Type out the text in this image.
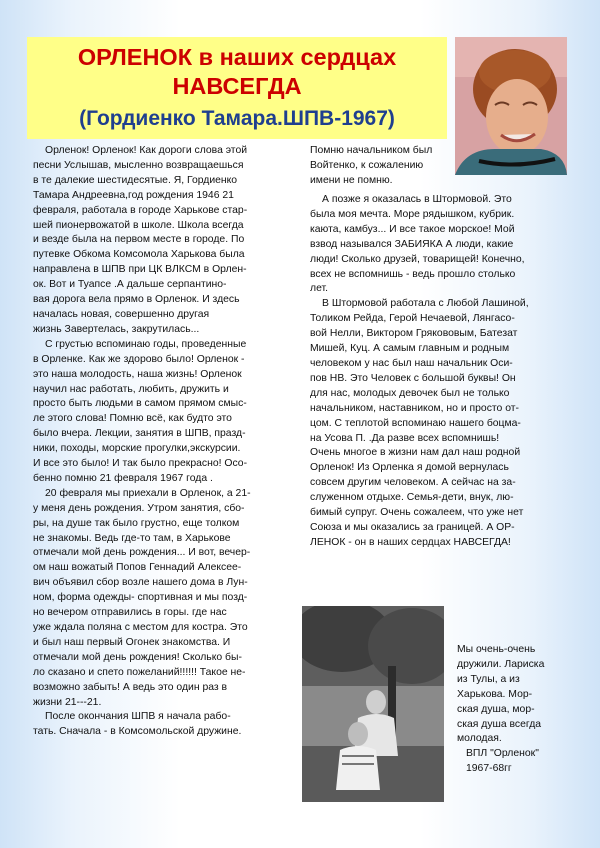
ОРЛЕНОК в наших сердцах
НАВСЕГДА
(Гордиенко Тамара.ШПВ-1967)

Орленок! Орленок! Как дороги слова этой
песни Услышав, мысленно возвращаешься
в те далекие шестидесятые. Я, Гордиенко
Тамара Андреевна,год рождения 1946 21
февраля, работала в городе Харькове стар-
шей пионервожатой в школе. Школа всегда
и везде была на первом месте в городе. По
путевке Обкома Комсомола Харькова была
направлена в ШПВ при ЦК ВЛКСМ в Орлен-
ок. Вот и Туапсе .А дальше серпантино-
вая дорога вела прямо в Орленок. И здесь
началась новая, совершенно другая
жизнь Завертелась, закрутилась...

С грустью вспоминаю годы, проведенные
в Орленке. Как же здорово было! Орленок -
это наша молодость, наша жизнь! Орленок
научил нас работать, любить, дружить и
просто быть людьми в самом прямом смыс-
ле этого слова! Помню всё, как будто это
было вчера. Лекции, занятия в ШПВ, празд-
ники, походы, морские прогулки,экскурсии.
И все это было! И так было прекрасно! Осо-
бенно помню 21 февраля 1967 года .

20 февраля мы приехали в Орленок, а 21-
у меня день рождения. Утром занятия, сбо-
ры, на душе так было грустно, еще толком
не знакомы. Ведь где-то там, в Харькове
отмечали мой день рождения... И вот, вечер-
ом наш вожатый Попов Геннадий Алексее-
вич объявил сбор возле нашего дома в Лун-
ном, форма одежды- спортивная и мы позд-
но вечером отправились в горы. где нас
уже ждала поляна с местом для костра. Это
и был наш первый Огонек знакомства. И
отмечали мой день рождения! Сколько бы-
ло сказано и спето пожеланий!!!!!! Такое не-
возможно забыть! А ведь это один раз в
жизни 21---21.

После окончания ШПВ я начала рабо-
тать. Сначала - в Комсомольской дружине.

Помню начальником был
Войтенко, к сожалению
имени не помню.

А позже я оказалась в Штормовой. Это
была моя мечта. Море рядышком, кубрик.
каюта, камбуз... И все такое морское! Мой
взвод назывался ЗАБИЯКА А люди, какие
люди! Сколько друзей, товарищей! Конечно,
всех не вспомнишь - ведь прошло столько
лет.

В Штормовой работала с Любой Лашиной,
Толиком Рейда, Герой Нечаевой, Лянгасо-
вой Нелли, Виктором Грякововым, Батезат
Мишей, Куц. А самым главным и родным
человеком у нас был наш начальник Оси-
пов НВ. Это Человек с большой буквы! Он
для нас, молодых девочек был не только
начальником, наставником, но и просто от-
цом. С теплотой вспоминаю нашего боцма-
на Усова П. .Да разве всех вспомнишь!
Очень многое в жизни нам дал наш родной
Орленок! Из Орленка я домой вернулась
совсем другим человеком. А сейчас на за-
служенном отдыхе. Семья-дети, внук, лю-
бимый супруг. Очень сожалеем, что уже нет
Союза и мы оказались за границей. А ОР-
ЛЕНОК - он в наших сердцах НАВСЕГДА!

Мы очень-очень
дружили. Лариска
из Тулы, а из
Харькова. Мор-
ская душа, мор-
ская душа всегда
молодая.
ВПЛ "Орленок"
1967-68гг
